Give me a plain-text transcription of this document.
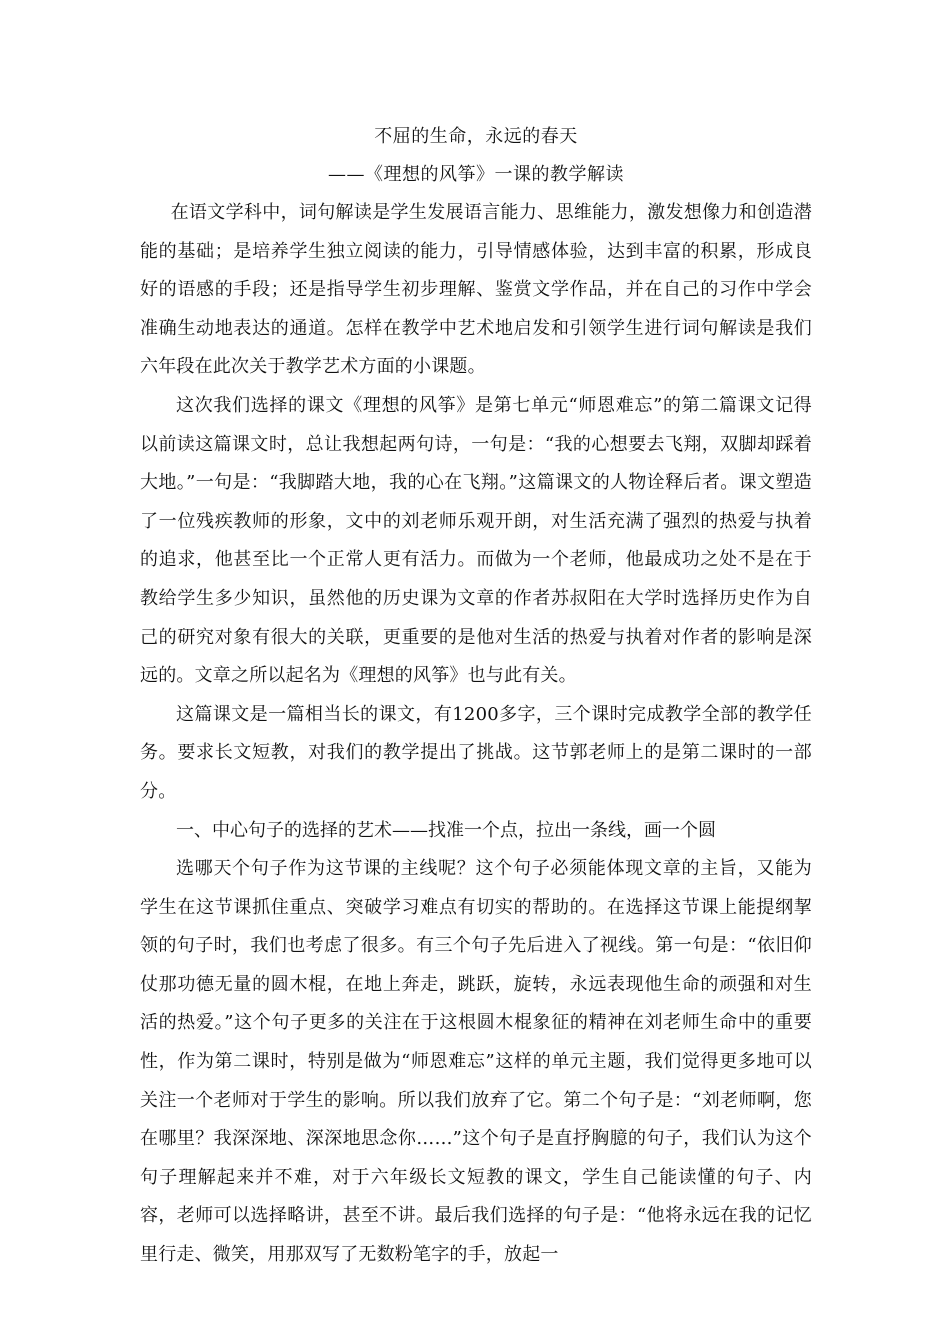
不屈的生命，永远的春天

——《理想的风筝》一课的教学解读

在语文学科中，词句解读是学生发展语言能力、思维能力，激发想像力和创造潜能的基础；是培养学生独立阅读的能力，引导情感体验，达到丰富的积累，形成良好的语感的手段；还是指导学生初步理解、鉴赏文学作品，并在自己的习作中学会准确生动地表达的通道。怎样在教学中艺术地启发和引领学生进行词句解读是我们六年段在此次关于教学艺术方面的小课题。

这次我们选择的课文《理想的风筝》是第七单元“师恩难忘”的第二篇课文记得以前读这篇课文时，总让我想起两句诗，一句是：“我的心想要去飞翔，双脚却踩着大地。”一句是：“我脚踏大地，我的心在飞翔。”这篇课文的人物诠释后者。课文塑造了一位残疾教师的形象，文中的刘老师乐观开朗，对生活充满了强烈的热爱与执着的追求，他甚至比一个正常人更有活力。而做为一个老师，他最成功之处不是在于教给学生多少知识，虽然他的历史课为文章的作者苏叔阳在大学时选择历史作为自己的研究对象有很大的关联，更重要的是他对生活的热爱与执着对作者的影响是深远的。文章之所以起名为《理想的风筝》也与此有关。

这篇课文是一篇相当长的课文，有1200多字，三个课时完成教学全部的教学任务。要求长文短教，对我们的教学提出了挑战。这节郭老师上的是第二课时的一部分。

一、中心句子的选择的艺术——找准一个点，拉出一条线，画一个圆

选哪天个句子作为这节课的主线呢？这个句子必须能体现文章的主旨，又能为学生在这节课抓住重点、突破学习难点有切实的帮助的。在选择这节课上能提纲挈领的句子时，我们也考虑了很多。有三个句子先后进入了视线。第一句是：“依旧仰仗那功德无量的圆木棍，在地上奔走，跳跃，旋转，永远表现他生命的顽强和对生活的热爱。”这个句子更多的关注在于这根圆木棍象征的精神在刘老师生命中的重要性，作为第二课时，特别是做为“师恩难忘”这样的单元主题，我们觉得更多地可以关注一个老师对于学生的影响。所以我们放弃了它。第二个句子是：“刘老师啊，您在哪里？我深深地、深深地思念你……”这个句子是直抒胸臆的句子，我们认为这个句子理解起来并不难，对于六年级长文短教的课文，学生自己能读懂的句子、内容，老师可以选择略讲，甚至不讲。最后我们选择的句子是：“他将永远在我的记忆里行走、微笑，用那双写了无数粉笔字的手，放起一
